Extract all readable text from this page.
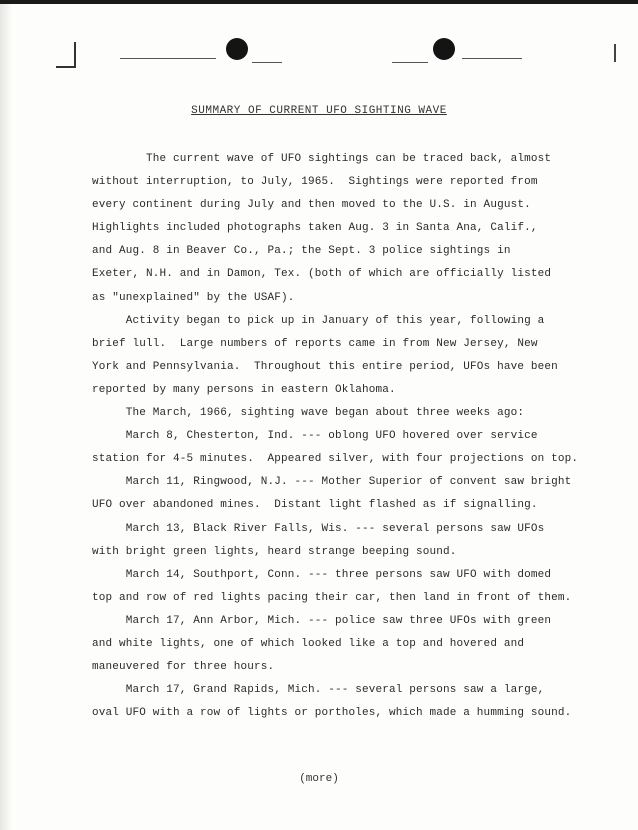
SUMMARY OF CURRENT UFO SIGHTING WAVE
The current wave of UFO sightings can be traced back, almost
without interruption, to July, 1965.  Sightings were reported from
every continent during July and then moved to the U.S. in August.
Highlights included photographs taken Aug. 3 in Santa Ana, Calif.,
and Aug. 8 in Beaver Co., Pa.; the Sept. 3 police sightings in
Exeter, N.H. and in Damon, Tex. (both of which are officially listed
as "unexplained" by the USAF).
Activity began to pick up in January of this year, following a
brief lull.  Large numbers of reports came in from New Jersey, New
York and Pennsylvania.  Throughout this entire period, UFOs have been
reported by many persons in eastern Oklahoma.
The March, 1966, sighting wave began about three weeks ago:
March 8, Chesterton, Ind. --- oblong UFO hovered over service
station for 4-5 minutes.  Appeared silver, with four projections on top.
March 11, Ringwood, N.J. --- Mother Superior of convent saw bright
UFO over abandoned mines.  Distant light flashed as if signalling.
March 13, Black River Falls, Wis. --- several persons saw UFOs
with bright green lights, heard strange beeping sound.
March 14, Southport, Conn. --- three persons saw UFO with domed
top and row of red lights pacing their car, then land in front of them.
March 17, Ann Arbor, Mich. --- police saw three UFOs with green
and white lights, one of which looked like a top and hovered and
maneuvered for three hours.
March 17, Grand Rapids, Mich. --- several persons saw a large,
oval UFO with a row of lights or portholes, which made a humming sound.
(more)
